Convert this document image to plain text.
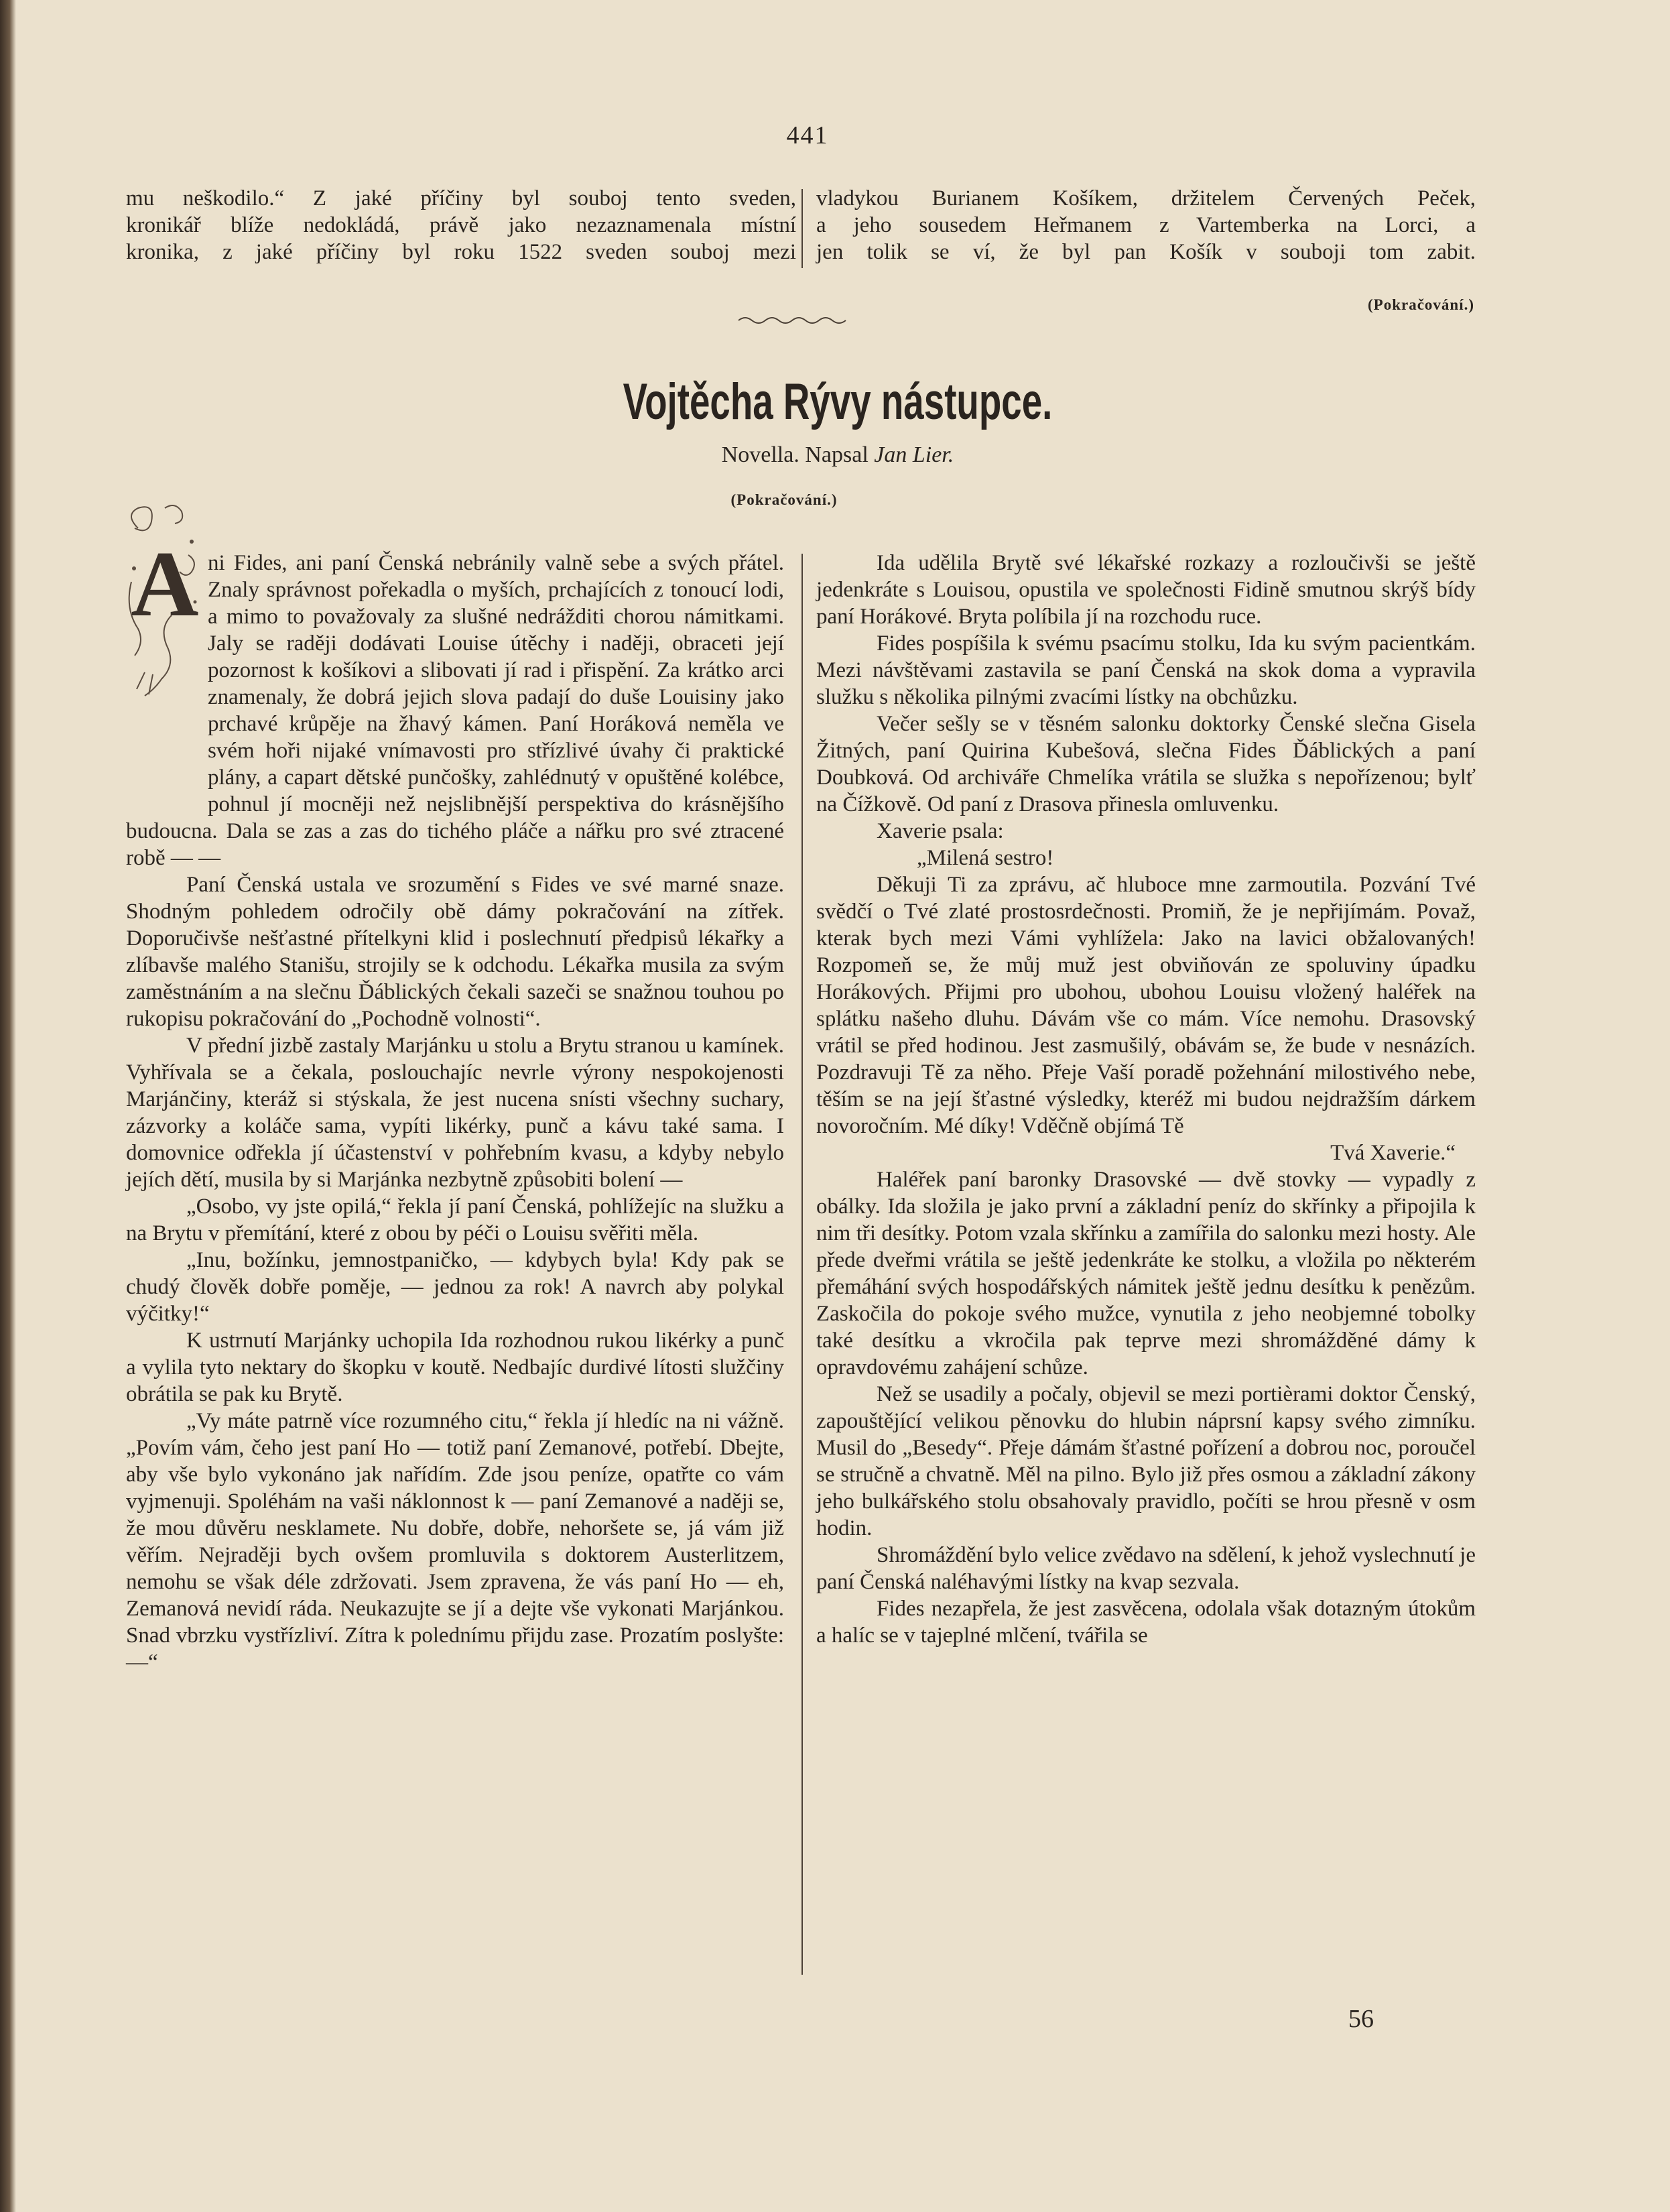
441

mu neškodilo.“ Z jaké příčiny byl souboj tento sveden,

kronikář blíže nedokládá, právě jako nezaznamenala místní

kronika, z jaké příčiny byl roku 1522 sveden souboj mezi

vladykou Burianem Košíkem, držitelem Červených Peček,

a jeho sousedem Heřmanem z Vartemberka na Lorci, a

jen tolik se ví, že byl pan Košík v souboji tom zabit.

(Pokračování.)
Vojtěcha Rývy nástupce.
Novella. Napsal Jan Lier.
(Pokračování.)
A ni Fides, ani paní Čenská nebránily valně sebe a svých přátel. Znaly správnost pořekadla o myších, prchajících z tonoucí lodi, a mimo to považovaly za slušné nedrážditi chorou námitkami. Jaly se raději dodávati Louise útěchy i naději, obraceti její pozornost k košíkovi a slibovati jí rad i přispění. Za krátko arci znamenaly, že dobrá jejich slova padají do duše Louisiny jako prchavé krůpěje na žhavý kámen. Paní Horáková neměla ve svém hoři nijaké vnímavosti pro střízlivé úvahy či praktické plány, a capart dětské punčošky, zahlédnutý v opuštěné kolébce, pohnul jí mocněji než nejslibnější perspektiva do krásnějšího budoucna. Dala se zas a zas do tichého pláče a nářku pro své ztracené robě — —

Paní Čenská ustala ve srozumění s Fides ve své marné snaze. Shodným pohledem odročily obě dámy pokračování na zítřek. Doporučivše nešťastné přítelkyni klid i poslechnutí předpisů lékařky a zlíbavše malého Stanišu, strojily se k odchodu. Lékařka musila za svým zaměstnáním a na slečnu Ďáblických čekali sazeči se snažnou touhou po rukopisu pokračování do „Pochodně volnosti“.

V přední jizbě zastaly Marjánku u stolu a Brytu stranou u kamínek. Vyhřívala se a čekala, poslouchajíc nevrle výrony nespokojenosti Marjánčiny, kteráž si stýskala, že jest nucena snísti všechny suchary, zázvorky a koláče sama, vypíti likérky, punč a kávu také sama. I domovnice odřekla jí účastenství v pohřebním kvasu, a kdyby nebylo jejích dětí, musila by si Marjánka nezbytně způsobiti bolení —

„Osobo, vy jste opilá,“ řekla jí paní Čenská, pohlížejíc na služku a na Brytu v přemítání, které z obou by péči o Louisu svěřiti měla.

„Inu, božínku, jemnostpaničko, — kdybych byla! Kdy pak se chudý člověk dobře poměje, — jednou za rok! A navrch aby polykal výčitky!“

K ustrnutí Marjánky uchopila Ida rozhodnou rukou likérky a punč a vylila tyto nektary do škopku v koutě. Nedbajíc durdivé lítosti služčiny obrátila se pak ku Brytě.

„Vy máte patrně více rozumného citu,“ řekla jí hledíc na ni vážně. „Povím vám, čeho jest paní Ho — totiž paní Zemanové, potřebí. Dbejte, aby vše bylo vykonáno jak nařídím. Zde jsou peníze, opatřte co vám vyjmenuji. Spoléhám na vaši náklonnost k — paní Zemanové a naději se, že mou důvěru nesklamete. Nu dobře, dobře, nehoršete se, já vám již věřím. Nejraději bych ovšem promluvila s doktorem Austerlitzem, nemohu se však déle zdržovati. Jsem zpravena, že vás paní Ho — eh, Zemanová nevidí ráda. Neukazujte se jí a dejte vše vykonati Marjánkou. Snad vbrzku vystřízliví. Zítra k polednímu přijdu zase. Prozatím poslyšte: —“

Ida udělila Brytě své lékařské rozkazy a rozloučivši se ještě jedenkráte s Louisou, opustila ve společnosti Fidině smutnou skrýš bídy paní Horákové. Bryta políbila jí na rozchodu ruce.

Fides pospíšila k svému psacímu stolku, Ida ku svým pacientkám. Mezi návštěvami zastavila se paní Čenská na skok doma a vypravila služku s několika pilnými zvacími lístky na obchůzku.

Večer sešly se v těsném salonku doktorky Čenské slečna Gisela Žitných, paní Quirina Kubešová, slečna Fides Ďáblických a paní Doubková. Od archiváře Chmelíka vrátila se služka s nepořízenou; bylť na Čížkově. Od paní z Drasova přinesla omluvenku.

Xaverie psala:

„Milená sestro!

Děkuji Ti za zprávu, ač hluboce mne zarmoutila. Pozvání Tvé svědčí o Tvé zlaté prostosrdečnosti. Promiň, že je nepřijímám. Považ, kterak bych mezi Vámi vyhlížela: Jako na lavici obžalovaných! Rozpomeň se, že můj muž jest obviňován ze spoluviny úpadku Horákových. Přijmi pro ubohou, ubohou Louisu vložený haléřek na splátku našeho dluhu. Dávám vše co mám. Více nemohu. Drasovský vrátil se před hodinou. Jest zasmušilý, obávám se, že bude v nesnázích. Pozdravuji Tě za něho. Přeje Vaší poradě požehnání milostivého nebe, těším se na její šťastné výsledky, kteréž mi budou nejdražším dárkem novoročním. Mé díky! Vděčně objímá Tě

Tvá Xaverie.“

Haléřek paní baronky Drasovské — dvě stovky — vypadly z obálky. Ida složila je jako první a základní peníz do skřínky a připojila k nim tři desítky. Potom vzala skřínku a zamířila do salonku mezi hosty. Ale přede dveřmi vrátila se ještě jedenkráte ke stolku, a vložila po některém přemáhání svých hospodářských námitek ještě jednu desítku k penězům. Zaskočila do pokoje svého mužce, vynutila z jeho neobjemné tobolky také desítku a vkročila pak teprve mezi shromážděné dámy k opravdovému zahájení schůze.

Než se usadily a počaly, objevil se mezi portièrami doktor Čenský, zapouštějící velikou pěnovku do hlubin náprsní kapsy svého zimníku. Musil do „Besedy“. Přeje dámám šťastné pořízení a dobrou noc, poroučel se stručně a chvatně. Měl na pilno. Bylo již přes osmou a základní zákony jeho bulkářského stolu obsahovaly pravidlo, počíti se hrou přesně v osm hodin.

Shromáždění bylo velice zvědavo na sdělení, k jehož vyslechnutí je paní Čenská naléhavými lístky na kvap sezvala.

Fides nezapřela, že jest zasvěcena, odolala však dotazným útokům a halíc se v tajeplné mlčení, tvářila se

56
